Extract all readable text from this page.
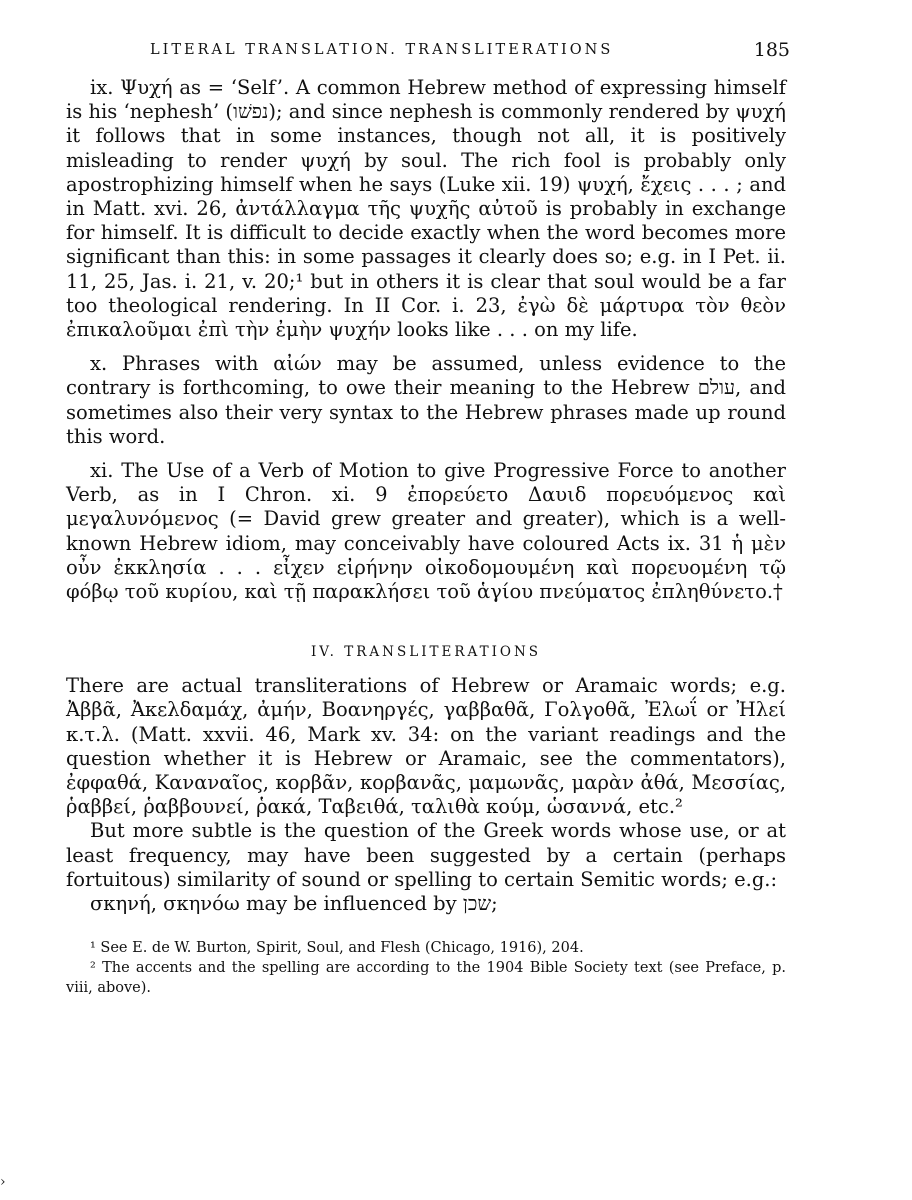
LITERAL TRANSLATION. TRANSLITERATIONS	185

ix. Ψυχή as = ‘Self’. A common Hebrew method of expressing himself is his ‘nephesh’ (נפשׁו); and since nephesh is commonly rendered by ψυχή it follows that in some instances, though not all, it is positively misleading to render ψυχή by soul. The rich fool is probably only apostrophizing himself when he says (Luke xii. 19) ψυχή, ἔχεις . . . ; and in Matt. xvi. 26, ἀντάλλαγμα τῆς ψυχῆς αὐτοῦ is probably in exchange for himself. It is difficult to decide exactly when the word becomes more significant than this: in some passages it clearly does so; e.g. in I Pet. ii. 11, 25, Jas. i. 21, v. 20;¹ but in others it is clear that soul would be a far too theological rendering. In II Cor. i. 23, ἐγὼ δὲ μάρτυρα τὸν θεὸν ἐπικαλοῦμαι ἐπὶ τὴν ἐμὴν ψυχήν looks like . . . on my life.

x. Phrases with αἰών may be assumed, unless evidence to the contrary is forthcoming, to owe their meaning to the Hebrew עולם, and sometimes also their very syntax to the Hebrew phrases made up round this word.

xi. The Use of a Verb of Motion to give Progressive Force to another Verb, as in I Chron. xi. 9 ἐπορεύετο Δαυιδ πορευόμενος καὶ μεγαλυνόμενος (= David grew greater and greater), which is a well-known Hebrew idiom, may conceivably have coloured Acts ix. 31 ἡ μὲν οὖν ἐκκλησία . . . εἶχεν εἰρήνην οἰκοδομουμένη καὶ πορευομένη τῷ φόβῳ τοῦ κυρίου, καὶ τῇ παρακλήσει τοῦ ἁγίου πνεύματος ἐπληθύνετο.†

IV. TRANSLITERATIONS

There are actual transliterations of Hebrew or Aramaic words; e.g. Ἀββᾶ, Ἀκελδαμάχ, ἀμήν, Βοανηργές, γαββαθᾶ, Γολγοθᾶ, Ἐλωΐ or Ἠλεί κ.τ.λ. (Matt. xxvii. 46, Mark xv. 34: on the variant readings and the question whether it is Hebrew or Aramaic, see the commentators), ἐφφαθά, Καναναῖος, κορβᾶν, κορβανᾶς, μαμωνᾶς, μαρὰν ἀθά, Μεσσίας, ῥαββεί, ῥαββουνεί, ῥακά, Ταβειθά, ταλιθὰ κούμ, ὡσαννά, etc.²

But more subtle is the question of the Greek words whose use, or at least frequency, may have been suggested by a certain (perhaps fortuitous) similarity of sound or spelling to certain Semitic words; e.g.:

σκηνή, σκηνόω may be influenced by שכן;

¹ See E. de W. Burton, Spirit, Soul, and Flesh (Chicago, 1916), 204.

² The accents and the spelling are according to the 1904 Bible Society text (see Preface, p. viii, above).

›
